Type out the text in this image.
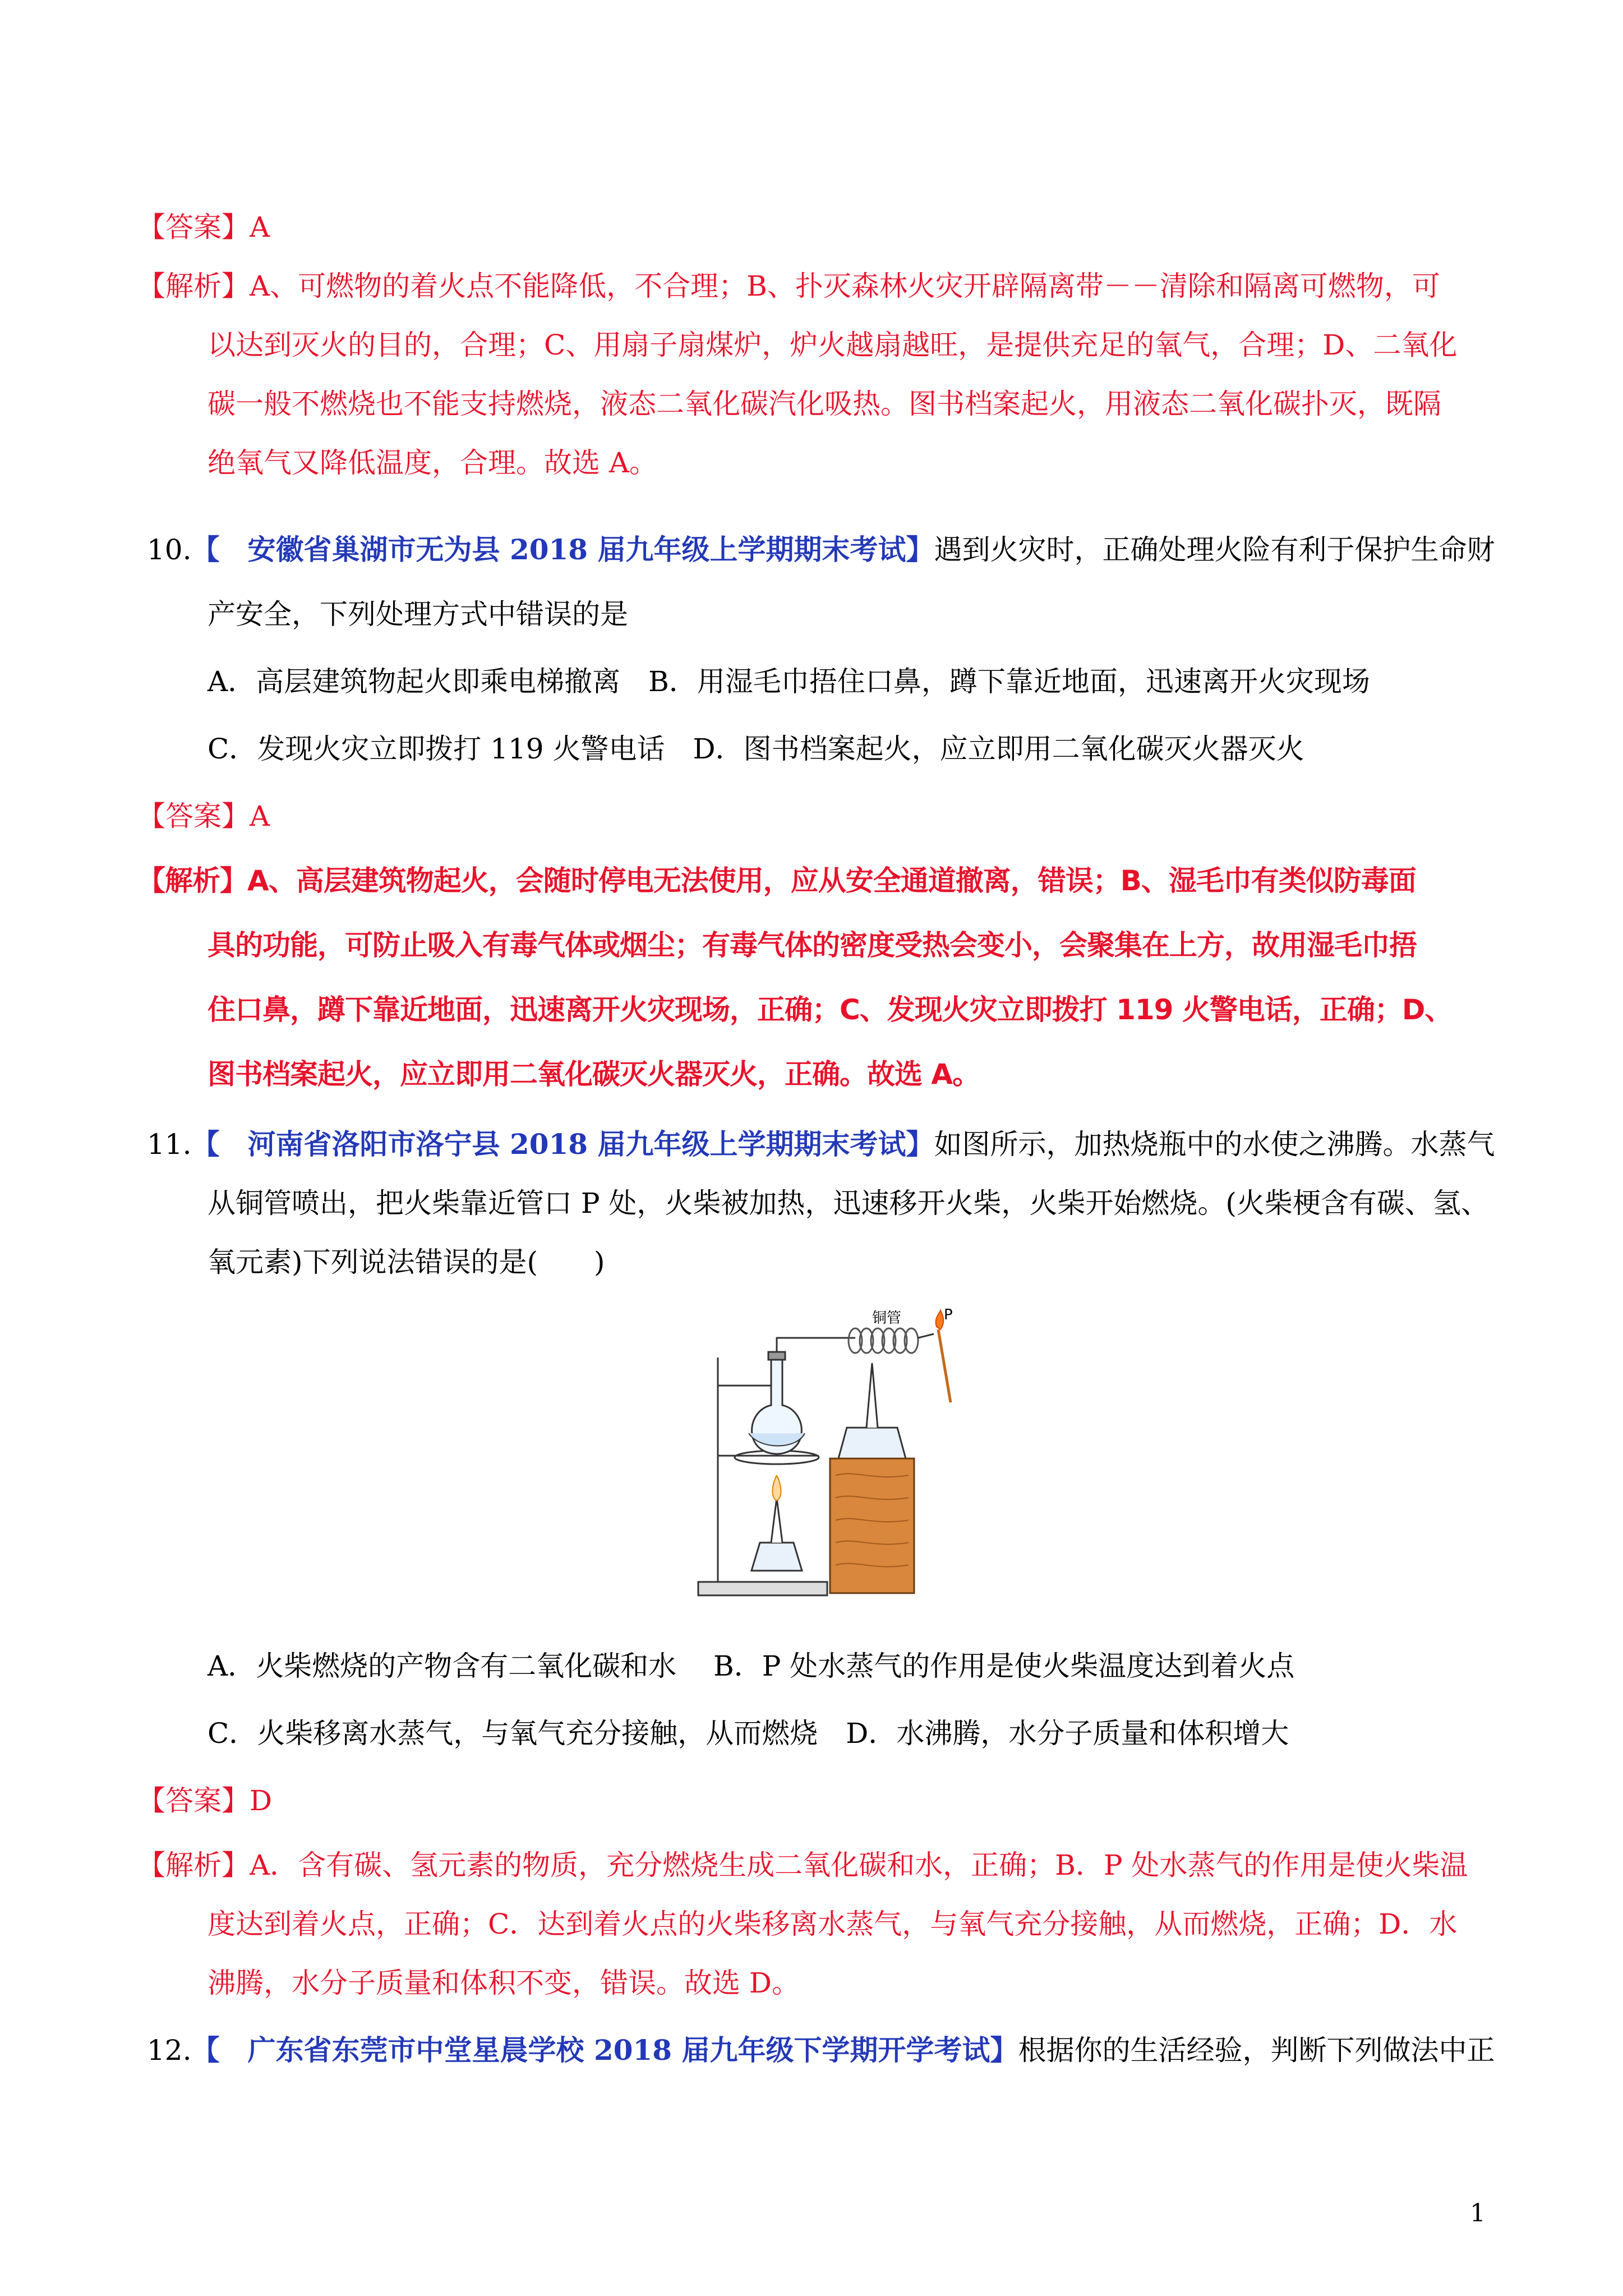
【答案】A
【解析】A、可燃物的着火点不能降低，不合理；B、扑灭森林火灾开辟隔离带－－清除和隔离可燃物，可
以达到灭火的目的，合理；C、用扇子扇煤炉，炉火越扇越旺，是提供充足的氧气，合理；D、二氧化
碳一般不燃烧也不能支持燃烧，液态二氧化碳汽化吸热。图书档案起火，用液态二氧化碳扑灭，既隔
绝氧气又降低温度，合理。故选 A。
10.【　安徽省巢湖市无为县 2018 届九年级上学期期末考试】遇到火灾时，正确处理火险有利于保护生命财
产安全，下列处理方式中错误的是
A．高层建筑物起火即乘电梯撤离　B．用湿毛巾捂住口鼻，蹲下靠近地面，迅速离开火灾现场
C．发现火灾立即拨打 119 火警电话　D．图书档案起火，应立即用二氧化碳灭火器灭火
【答案】A
【解析】A、高层建筑物起火，会随时停电无法使用，应从安全通道撤离，错误；B、湿毛巾有类似防毒面
具的功能，可防止吸入有毒气体或烟尘；有毒气体的密度受热会变小，会聚集在上方，故用湿毛巾捂
住口鼻，蹲下靠近地面，迅速离开火灾现场，正确；C、发现火灾立即拨打 119 火警电话，正确；D、
图书档案起火，应立即用二氧化碳灭火器灭火，正确。故选 A。
11.【　河南省洛阳市洛宁县 2018 届九年级上学期期末考试】如图所示，加热烧瓶中的水使之沸腾。水蒸气
从铜管喷出，把火柴靠近管口 P 处，火柴被加热，迅速移开火柴，火柴开始燃烧。(火柴梗含有碳、氢、
氧元素)下列说法错误的是(　　)
铜管	P
A．火柴燃烧的产物含有二氧化碳和水　 B．P 处水蒸气的作用是使火柴温度达到着火点
C．火柴移离水蒸气，与氧气充分接触，从而燃烧　D．水沸腾，水分子质量和体积增大
【答案】D
【解析】A．含有碳、氢元素的物质，充分燃烧生成二氧化碳和水，正确；B．P 处水蒸气的作用是使火柴温
度达到着火点，正确；C．达到着火点的火柴移离水蒸气，与氧气充分接触，从而燃烧，正确；D．水
沸腾，水分子质量和体积不变，错误。故选 D。
12.【　广东省东莞市中堂星晨学校 2018 届九年级下学期开学考试】根据你的生活经验，判断下列做法中正
1
